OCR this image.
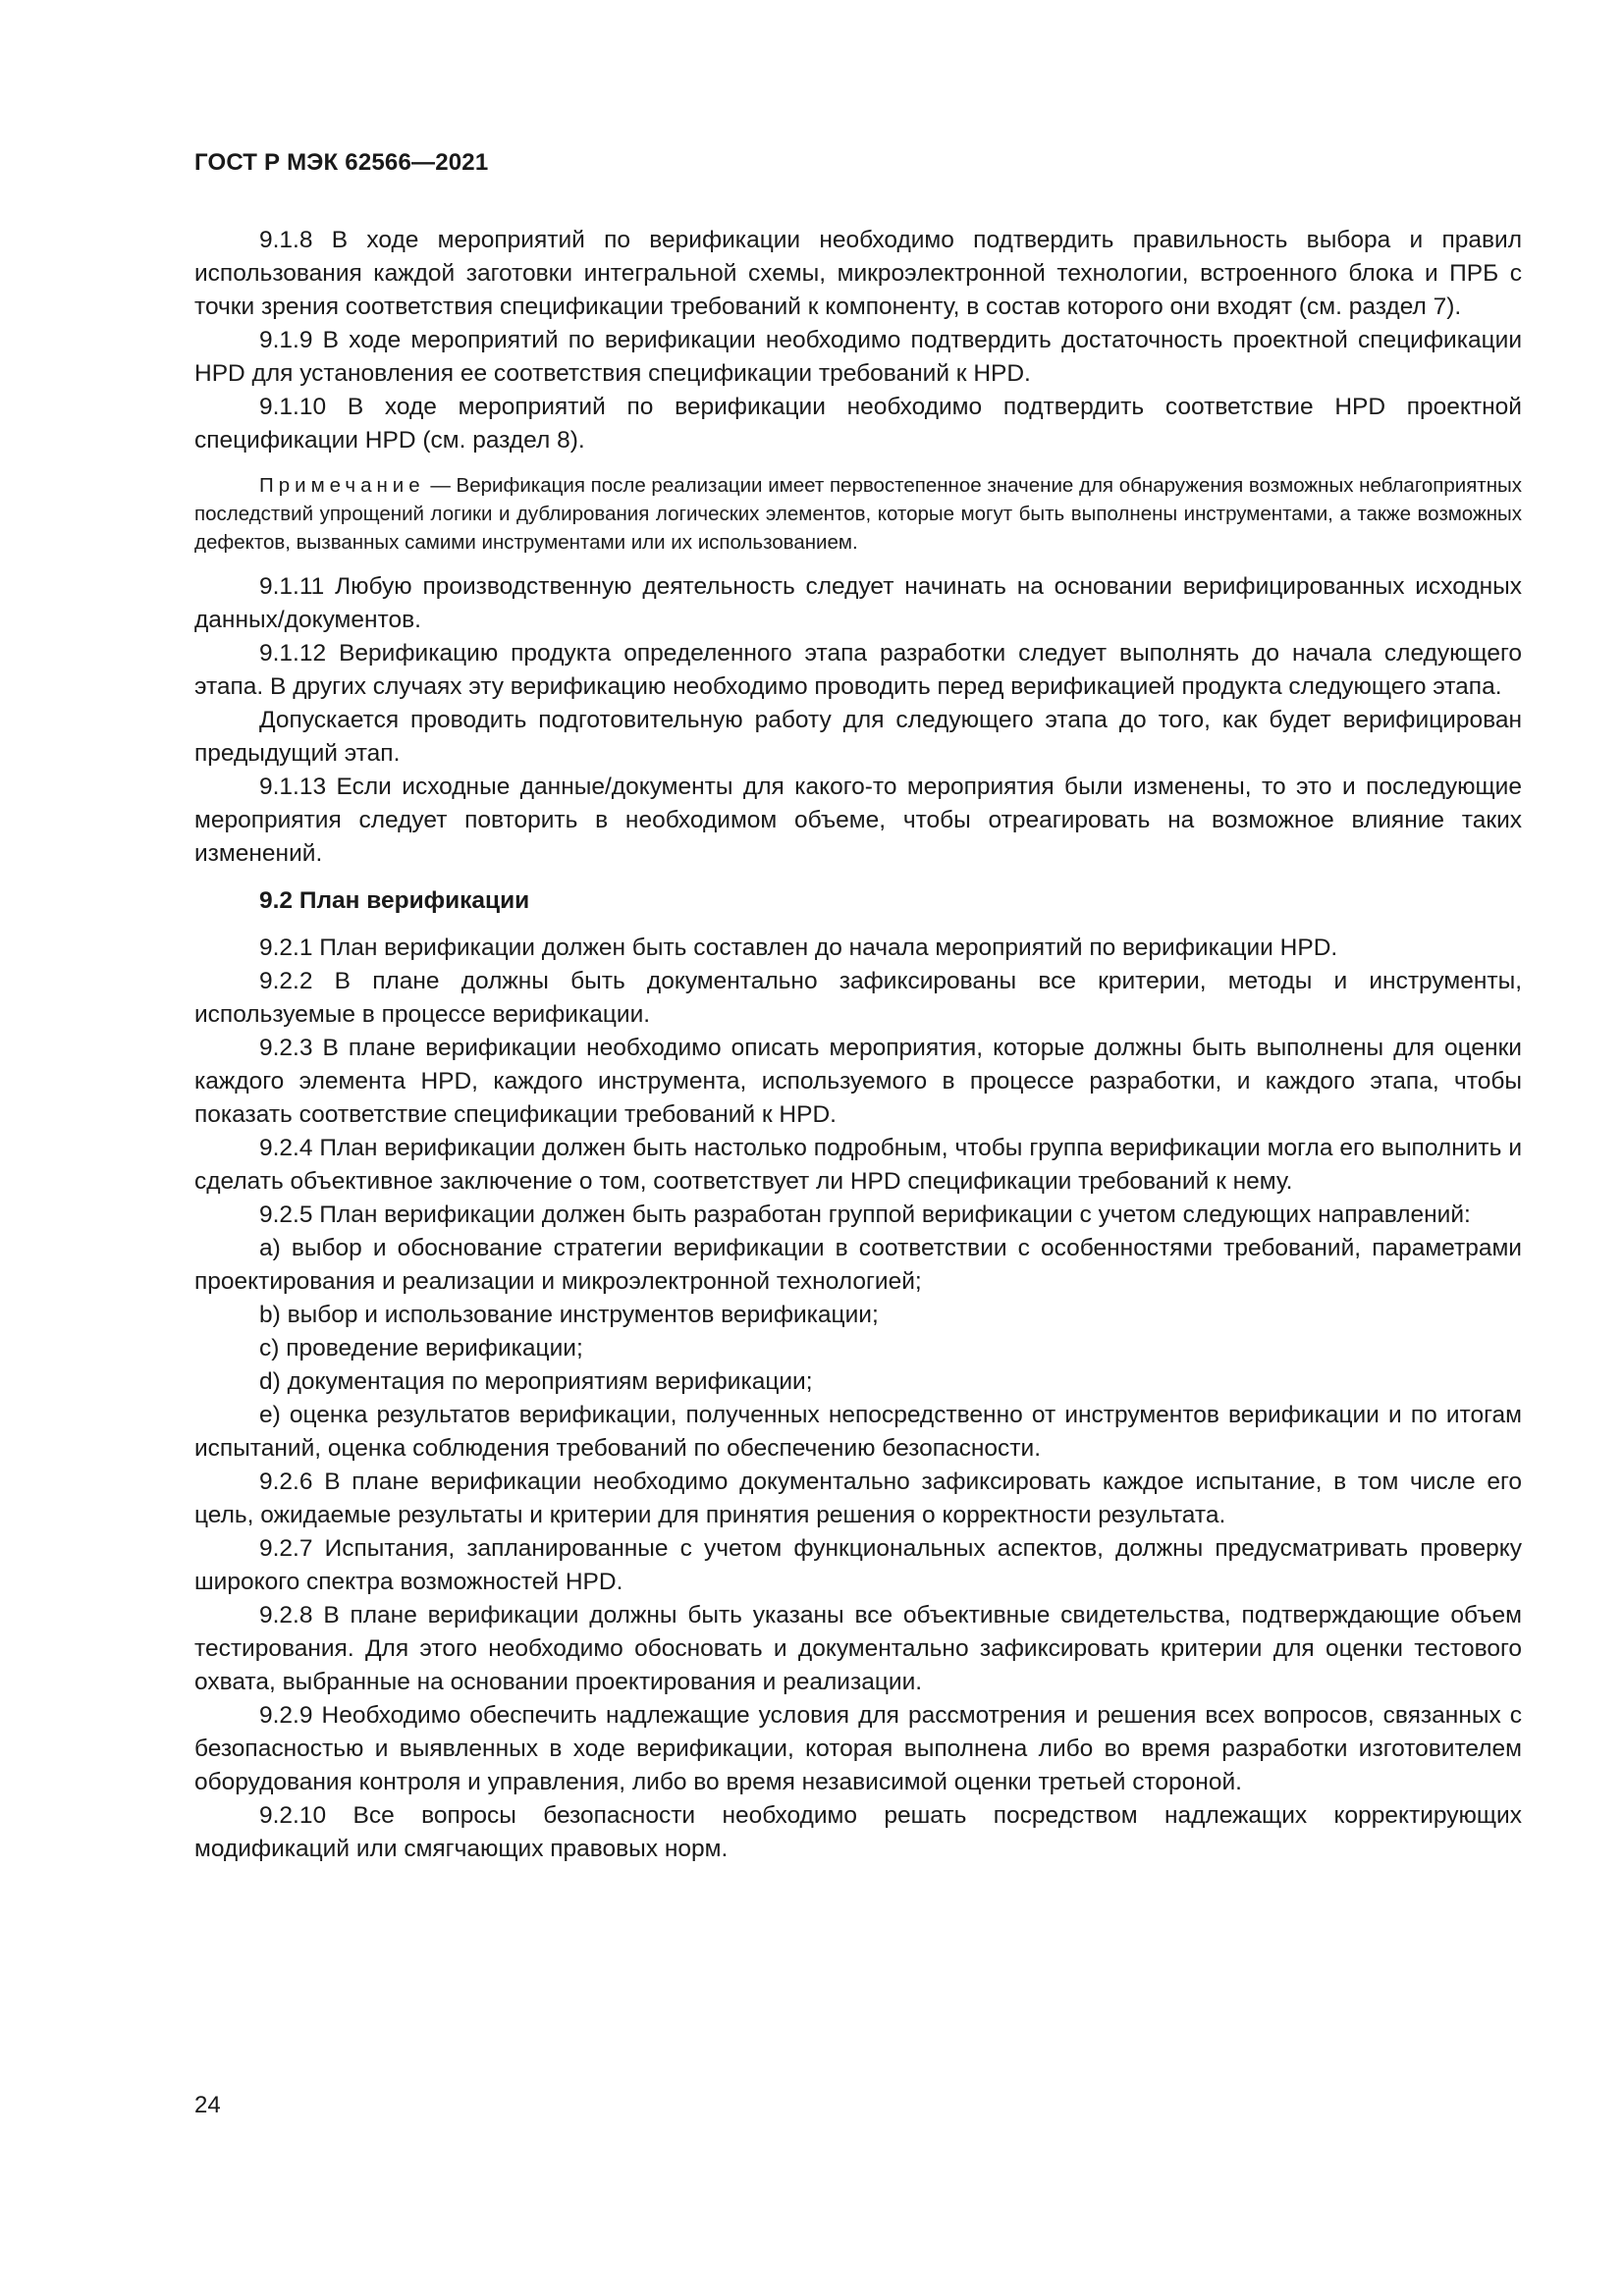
ГОСТ Р МЭК 62566—2021

9.1.8 В ходе мероприятий по верификации необходимо подтвердить правильность выбора и правил использования каждой заготовки интегральной схемы, микроэлектронной технологии, встроенного блока и ПРБ с точки зрения соответствия спецификации требований к компоненту, в состав которого они входят (см. раздел 7).

9.1.9 В ходе мероприятий по верификации необходимо подтвердить достаточность проектной спецификации HPD для установления ее соответствия спецификации требований к HPD.

9.1.10 В ходе мероприятий по верификации необходимо подтвердить соответствие HPD проектной спецификации HPD (см. раздел 8).

Примечание — Верификация после реализации имеет первостепенное значение для обнаружения возможных неблагоприятных последствий упрощений логики и дублирования логических элементов, которые могут быть выполнены инструментами, а также возможных дефектов, вызванных самими инструментами или их использованием.

9.1.11 Любую производственную деятельность следует начинать на основании верифицированных исходных данных/документов.

9.1.12 Верификацию продукта определенного этапа разработки следует выполнять до начала следующего этапа. В других случаях эту верификацию необходимо проводить перед верификацией продукта следующего этапа.

Допускается проводить подготовительную работу для следующего этапа до того, как будет верифицирован предыдущий этап.

9.1.13 Если исходные данные/документы для какого-то мероприятия были изменены, то это и последующие мероприятия следует повторить в необходимом объеме, чтобы отреагировать на возможное влияние таких изменений.

9.2 План верификации

9.2.1 План верификации должен быть составлен до начала мероприятий по верификации HPD.

9.2.2 В плане должны быть документально зафиксированы все критерии, методы и инструменты, используемые в процессе верификации.

9.2.3 В плане верификации необходимо описать мероприятия, которые должны быть выполнены для оценки каждого элемента HPD, каждого инструмента, используемого в процессе разработки, и каждого этапа, чтобы показать соответствие спецификации требований к HPD.

9.2.4 План верификации должен быть настолько подробным, чтобы группа верификации могла его выполнить и сделать объективное заключение о том, соответствует ли HPD спецификации требований к нему.

9.2.5 План верификации должен быть разработан группой верификации с учетом следующих направлений:

а) выбор и обоснование стратегии верификации в соответствии с особенностями требований, параметрами проектирования и реализации и микроэлектронной технологией;

b) выбор и использование инструментов верификации;

c) проведение верификации;

d) документация по мероприятиям верификации;

e) оценка результатов верификации, полученных непосредственно от инструментов верификации и по итогам испытаний, оценка соблюдения требований по обеспечению безопасности.

9.2.6 В плане верификации необходимо документально зафиксировать каждое испытание, в том числе его цель, ожидаемые результаты и критерии для принятия решения о корректности результата.

9.2.7 Испытания, запланированные с учетом функциональных аспектов, должны предусматривать проверку широкого спектра возможностей HPD.

9.2.8 В плане верификации должны быть указаны все объективные свидетельства, подтверждающие объем тестирования. Для этого необходимо обосновать и документально зафиксировать критерии для оценки тестового охвата, выбранные на основании проектирования и реализации.

9.2.9 Необходимо обеспечить надлежащие условия для рассмотрения и решения всех вопросов, связанных с безопасностью и выявленных в ходе верификации, которая выполнена либо во время разработки изготовителем оборудования контроля и управления, либо во время независимой оценки третьей стороной.

9.2.10 Все вопросы безопасности необходимо решать посредством надлежащих корректирующих модификаций или смягчающих правовых норм.

24
